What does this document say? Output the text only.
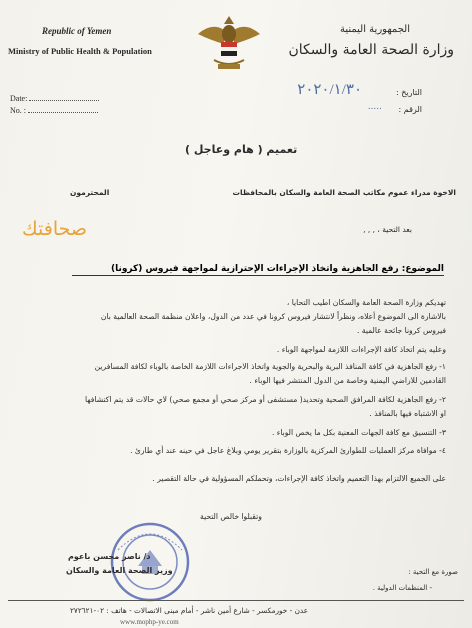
Republic of Yemen
Ministry of Public Health & Population
الجمهورية اليمنية
وزارة الصحة العامة والسكان
Date:
No. :
التاريخ :
٢٠٢٠/١/٣٠
الرقم :
.....
تعميم ( هام وعاجل )
الاخوة مدراء عموم مكاتب الصحة العامة والسكان بالمحافظات
المحترمون
صحافتك	بعد التحية ، , , ,
الموضوع: رفع الجاهزية واتخاذ الإجراءات الإحترازية لمواجهة فيروس (كرونا)
تهديكم وزارة الصحة العامة والسكان اطيب التحايا ،
بالاشارة الى الموضوع أعلاه، ونظراً لانتشار فيروس كرونا في عدد من الدول، واعلان منظمة الصحة العالمية بان
فيروس كرونا جائحة عالمية .
وعليه يتم اتخاذ كافة الإجراءات اللازمة لمواجهة الوباء .
١- رفع الجاهزية في كافة المنافذ البرية والبحرية والجوية واتخاذ الاجراءات اللازمة الخاصة بالوباء لكافة المسافرين
القادمين للاراضي اليمنية وخاصة من الدول المنتشر فيها الوباء .
٢- رفع الجاهزية لكافة المرافق الصحية وتحديد( مستشفى أو مركز صحي أو مجمع صحي) لاي حالات قد يتم اكتشافها
او الاشتباه فيها بالمنافذ .
٣- التنسيق مع كافة الجهات المعنية بكل ما يخص الوباء .
٤- موافاة مركز العمليات للطوارئ المركزية بالوزارة بتقرير يومي وبلاغ عاجل في حينه عند أي طارئ .
على الجميع الالتزام بهذا التعميم واتخاذ كافة الإجراءات، وتحملكم المسؤولية في حالة التقصير .
وتقبلوا خالص التحية
د/ ناصر محسن باعوم
وزير الصحة العامة والسكان	صورة مع التحية :
- المنظمات الدولية .
عدن - خورمكسر - شارع أمين ناشر - أمام مبنى الاتصالات - هاتف : ٠٢-٢٧٢٦٢١
www.mophp-ye.com
